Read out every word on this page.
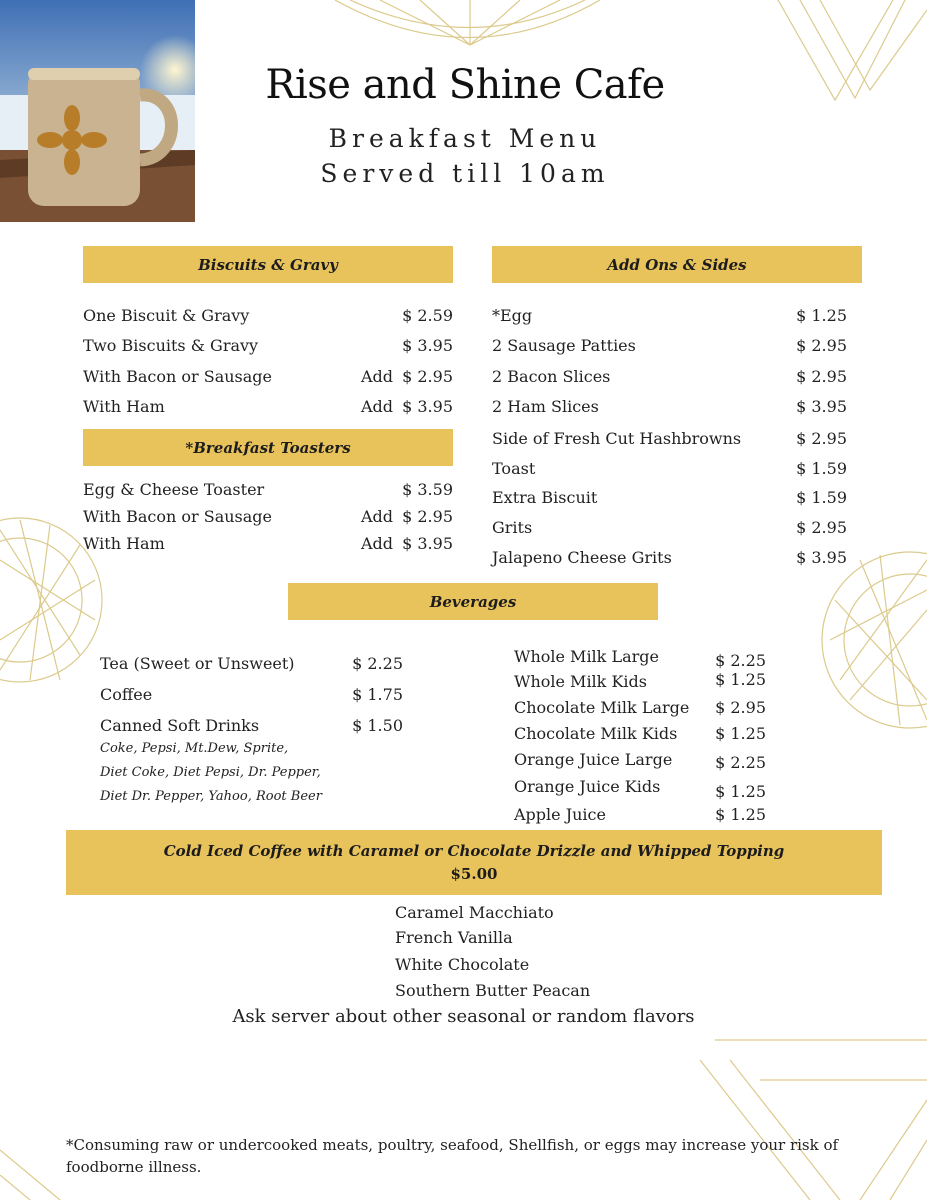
Rise and Shine Cafe
Breakfast Menu
Served till 10am
Biscuits & Gravy
One Biscuit & Gravy	$ 2.59
Two Biscuits & Gravy	$ 3.95
With Bacon or Sausage	Add $ 2.95
With Ham	Add $ 3.95
*Breakfast Toasters
Egg & Cheese Toaster	$ 3.59
With Bacon or Sausage	Add $ 2.95
With Ham	Add $ 3.95
Add Ons & Sides
*Egg	$ 1.25
2 Sausage Patties	$ 2.95
2 Bacon Slices	$ 2.95
2 Ham Slices	$ 3.95
Side of Fresh Cut Hashbrowns	$ 2.95
Toast	$ 1.59
Extra Biscuit	$ 1.59
Grits	$ 2.95
Jalapeno Cheese Grits	$ 3.95
Beverages
Tea (Sweet or Unsweet)	$ 2.25
Coffee	$ 1.75
Canned Soft Drinks	$ 1.50
Coke, Pepsi, Mt.Dew, Sprite,
Diet Coke, Diet Pepsi, Dr. Pepper,
Diet Dr. Pepper, Yahoo, Root Beer
Whole Milk Large	$ 2.25
Whole Milk Kids	$ 1.25
Chocolate Milk Large $ 2.95
Chocolate Milk Kids $ 1.25
Orange Juice Large	$ 2.25
Orange Juice Kids	$ 1.25
Apple Juice	$ 1.25
Cold Iced Coffee with Caramel or Chocolate Drizzle and Whipped Topping
$5.00
Caramel Macchiato
French Vanilla
White Chocolate
Southern Butter Peacan
Ask server about other seasonal or random flavors
*Consuming raw or undercooked meats, poultry, seafood, Shellfish, or eggs may increase your risk of foodborne illness.
